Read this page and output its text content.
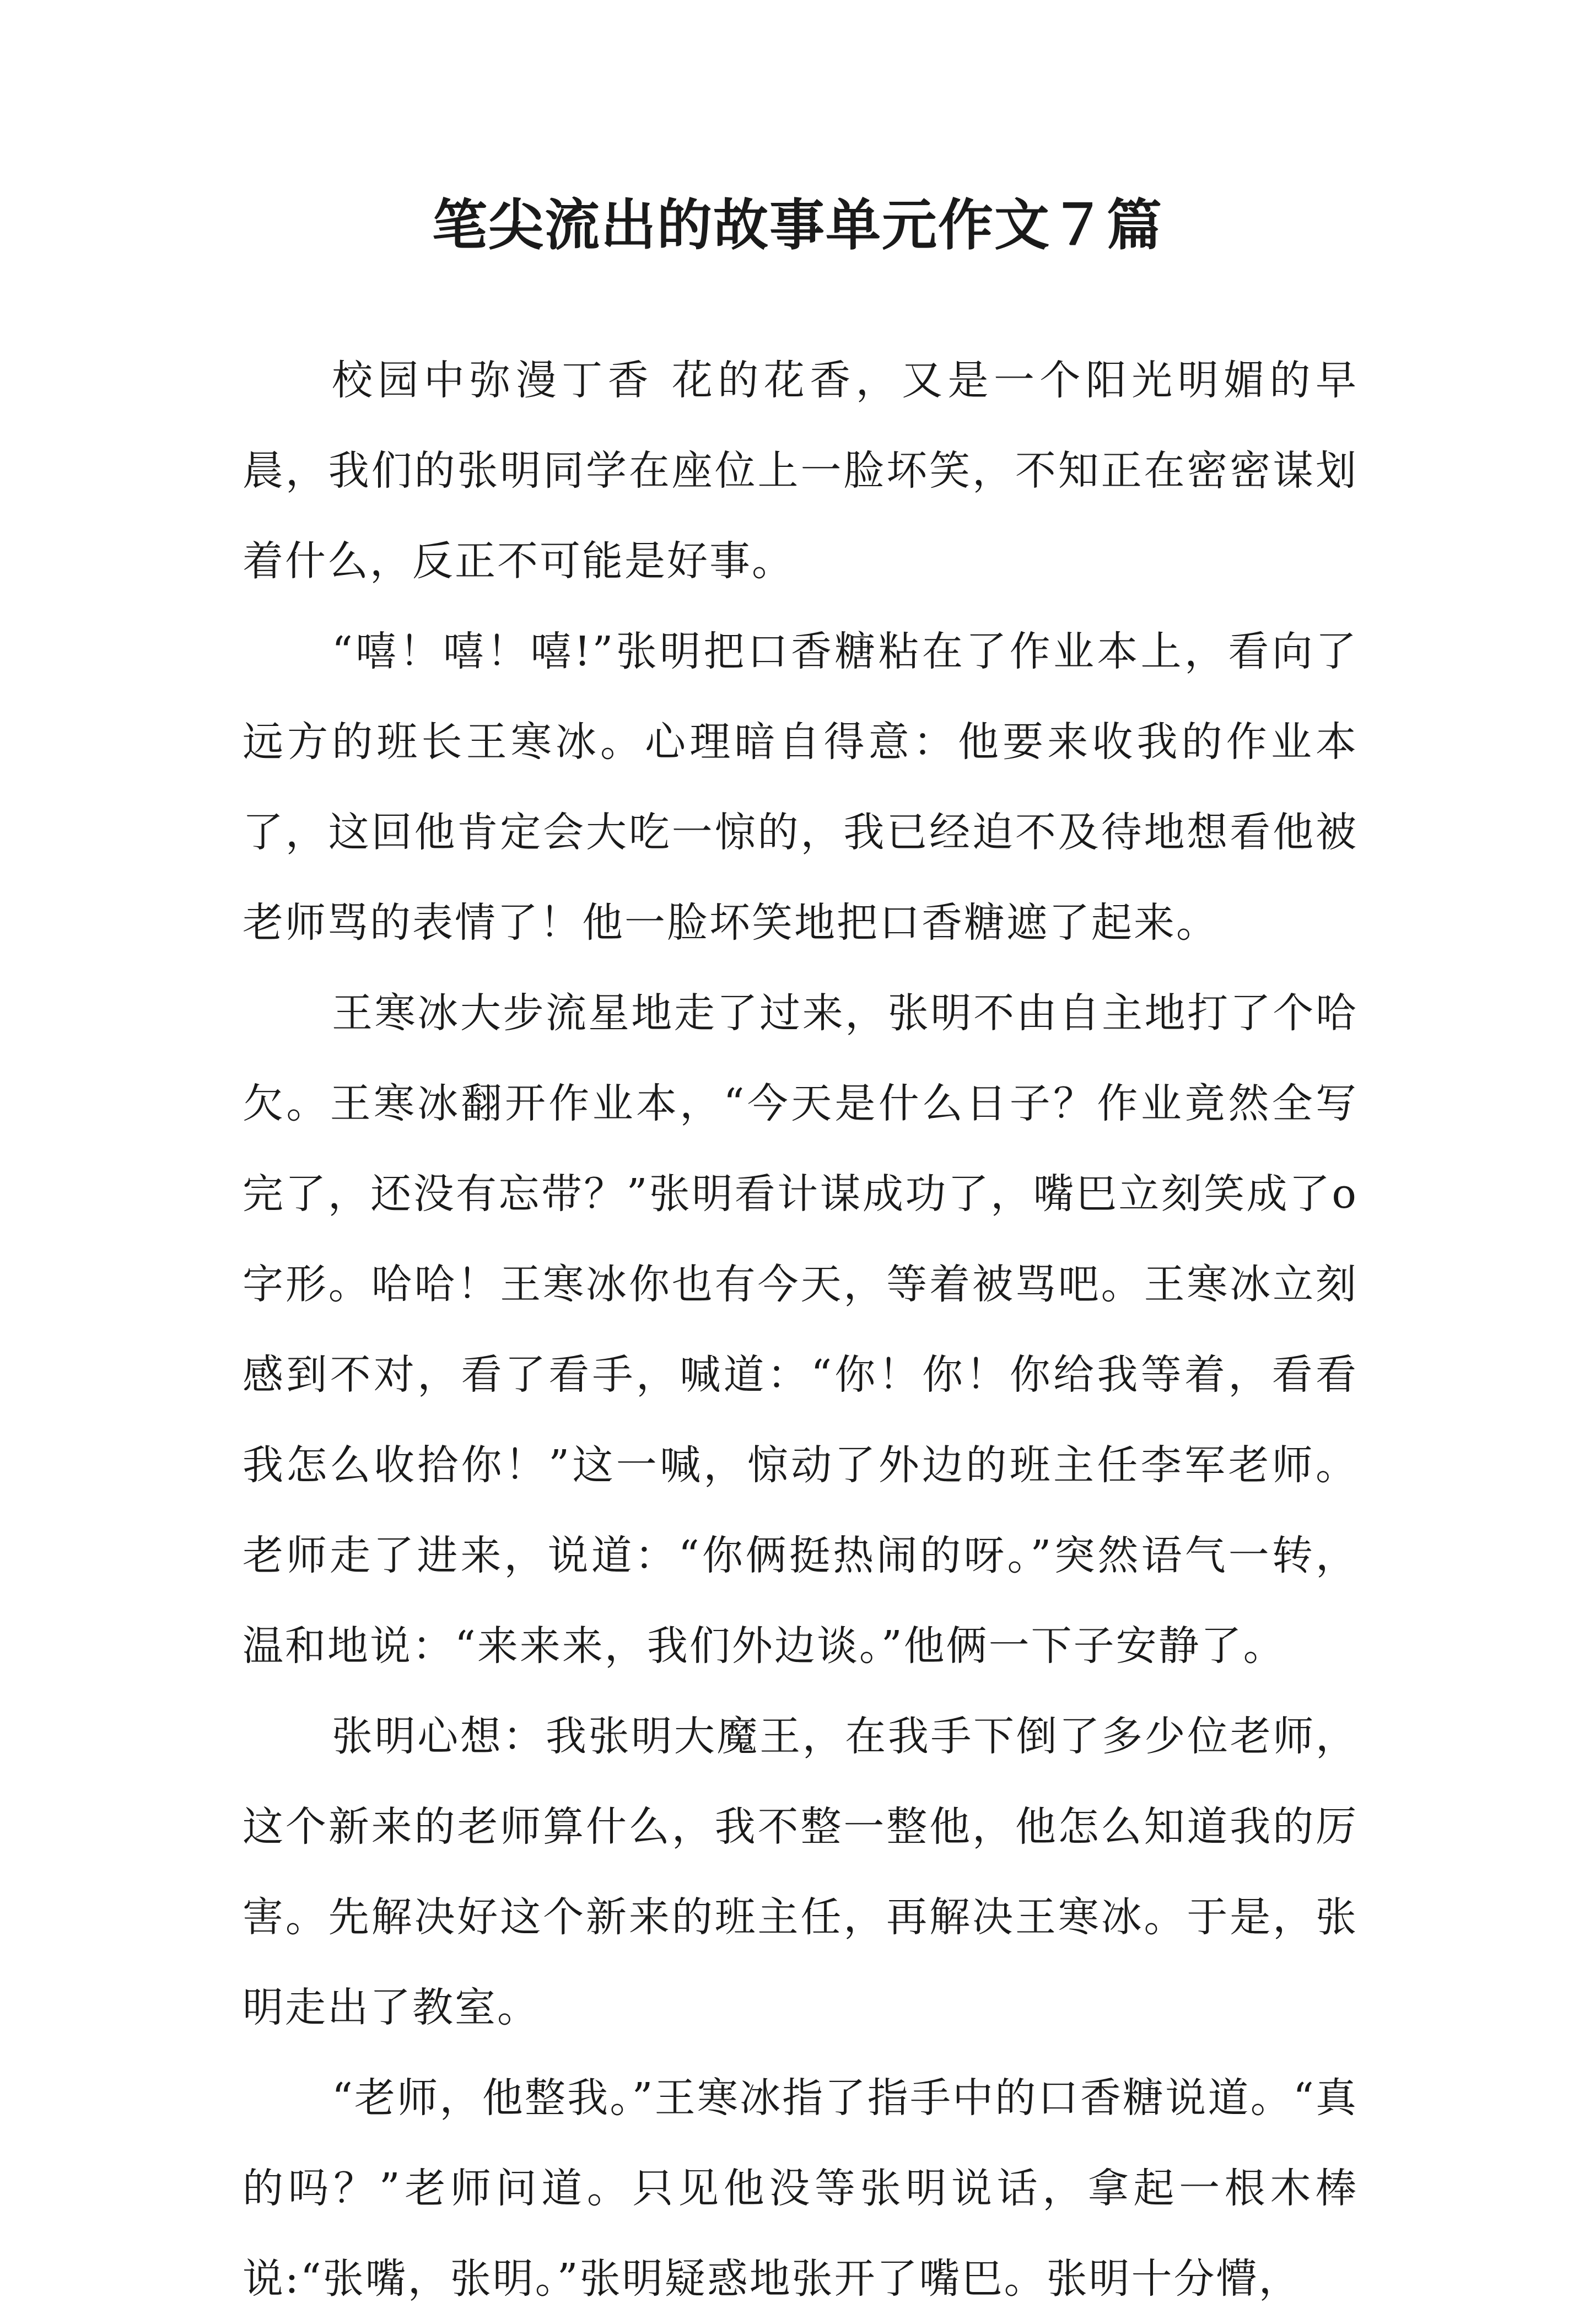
笔尖流出的故事单元作文７篇

校园中弥漫丁香 花的花香，又是一个阳光明媚的早晨，我们的张明同学在座位上一脸坏笑，不知正在密密谋划着什么，反正不可能是好事。

“嘻！嘻！嘻!”张明把口香糖粘在了作业本上，看向了远方的班长王寒冰。心理暗自得意：他要来收我的作业本了，这回他肯定会大吃一惊的，我已经迫不及待地想看他被老师骂的表情了！他一脸坏笑地把口香糖遮了起来。

王寒冰大步流星地走了过来，张明不由自主地打了个哈欠。王寒冰翻开作业本，“今天是什么日子？作业竟然全写完了，还没有忘带？”张明看计谋成功了，嘴巴立刻笑成了o字形。哈哈！王寒冰你也有今天，等着被骂吧。王寒冰立刻感到不对，看了看手，喊道：“你！你！你给我等着，看看我怎么收拾你！”这一喊，惊动了外边的班主任李军老师。老师走了进来，说道：“你俩挺热闹的呀。”突然语气一转，温和地说：“来来来，我们外边谈。”他俩一下子安静了。

张明心想：我张明大魔王，在我手下倒了多少位老师，这个新来的老师算什么，我不整一整他，他怎么知道我的厉害。先解决好这个新来的班主任，再解决王寒冰。于是，张明走出了教室。

“老师，他整我。”王寒冰指了指手中的口香糖说道。“真的吗？”老师问道。只见他没等张明说话，拿起一根木棒说:“张嘴，张明。”张明疑惑地张开了嘴巴。张明十分懵，
